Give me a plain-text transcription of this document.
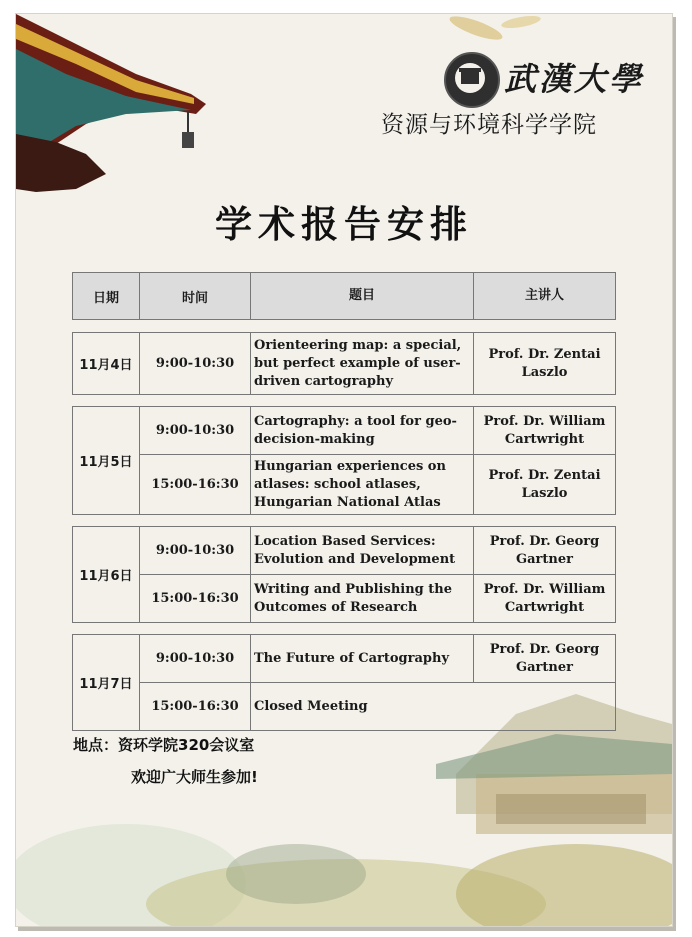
武漢大學
资源与环境科学学院
学术报告安排
日期	时间	题目	主讲人

11月4日	9:00-10:30	Orienteering map: a special, but perfect example of user-driven cartography	Prof. Dr. Zentai Laszlo

11月5日	9:00-10:30	Cartography: a tool for geo-decision-making	Prof. Dr. William Cartwright
	15:00-16:30	Hungarian experiences on atlases: school atlases, Hungarian National Atlas	Prof. Dr. Zentai Laszlo

11月6日	9:00-10:30	Location Based Services: Evolution and Development	Prof. Dr. Georg Gartner
	15:00-16:30	Writing and Publishing the Outcomes of Research	Prof. Dr. William Cartwright

11月7日	9:00-10:30	The Future of Cartography	Prof. Dr. Georg Gartner
	15:00-16:30	Closed Meeting	
地点：资环学院320会议室
欢迎广大师生参加!
